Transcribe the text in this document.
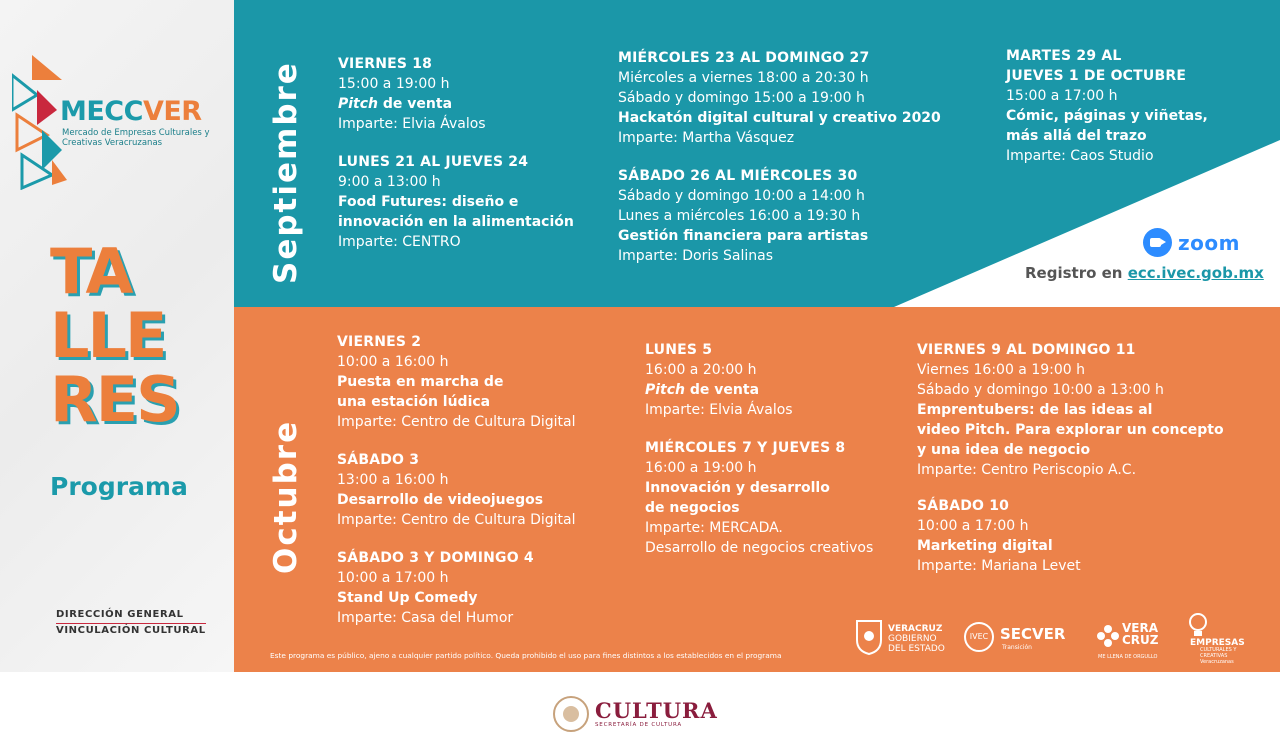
MECCVER
Mercado de Empresas Culturales y Creativas Veracruzanas
TA
LLE
RES
Programa
DIRECCIÓN GENERAL
VINCULACIÓN CULTURAL
Septiembre VIERNES 18
15:00 a 19:00 h
Pitch de venta
Imparte: Elvia Ávalos
LUNES 21 AL JUEVES 24
9:00 a 13:00 h
Food Futures: diseño e
innovación en la alimentación
Imparte: CENTRO
MIÉRCOLES 23 AL DOMINGO 27
Miércoles a viernes 18:00 a 20:30 h
Sábado y domingo 15:00 a 19:00 h
Hackatón digital cultural y creativo 2020
Imparte: Martha Vásquez
SÁBADO 26 AL MIÉRCOLES 30
Sábado y domingo 10:00 a 14:00 h
Lunes a miércoles 16:00 a 19:30 h
Gestión financiera para artistas
Imparte: Doris Salinas
MARTES 29 AL
JUEVES 1 DE OCTUBRE
15:00 a 17:00 h
Cómic, páginas y viñetas,
más allá del trazo
Imparte: Caos Studio
zoom
Registro en ecc.ivec.gob.mx
Octubre
VIERNES 2
10:00 a 16:00 h
Puesta en marcha de
una estación lúdica
Imparte: Centro de Cultura Digital
SÁBADO 3
13:00 a 16:00 h
Desarrollo de videojuegos
Imparte: Centro de Cultura Digital
SÁBADO 3 Y DOMINGO 4
10:00 a 17:00 h
Stand Up Comedy
Imparte: Casa del Humor
LUNES 5
16:00 a 20:00 h
Pitch de venta
Imparte: Elvia Ávalos
MIÉRCOLES 7 Y JUEVES 8
16:00 a 19:00 h
Innovación y desarrollo
de negocios
Imparte: MERCADA.
Desarrollo de negocios creativos
VIERNES 9 AL DOMINGO 11
Viernes 16:00 a 19:00 h
Sábado y domingo 10:00 a 13:00 h
Emprentubers: de las ideas al
video Pitch. Para explorar un concepto
y una idea de negocio
Imparte: Centro Periscopio A.C.
SÁBADO 10
10:00 a 17:00 h
Marketing digital
Imparte: Mariana Levet
Este programa es público, ajeno a cualquier partido político. Queda prohibido el uso para fines distintos a los establecidos en el programa
VERACRUZ
GOBIERNO
DEL ESTADO
IVEC SECVER
Transición
VERA
CRUZ
ME LLENA DE ORGULLO
EMPRESAS
CULTURALES Y CREATIVAS
Veracruzanas
CULTURA
SECRETARÍA DE CULTURA
